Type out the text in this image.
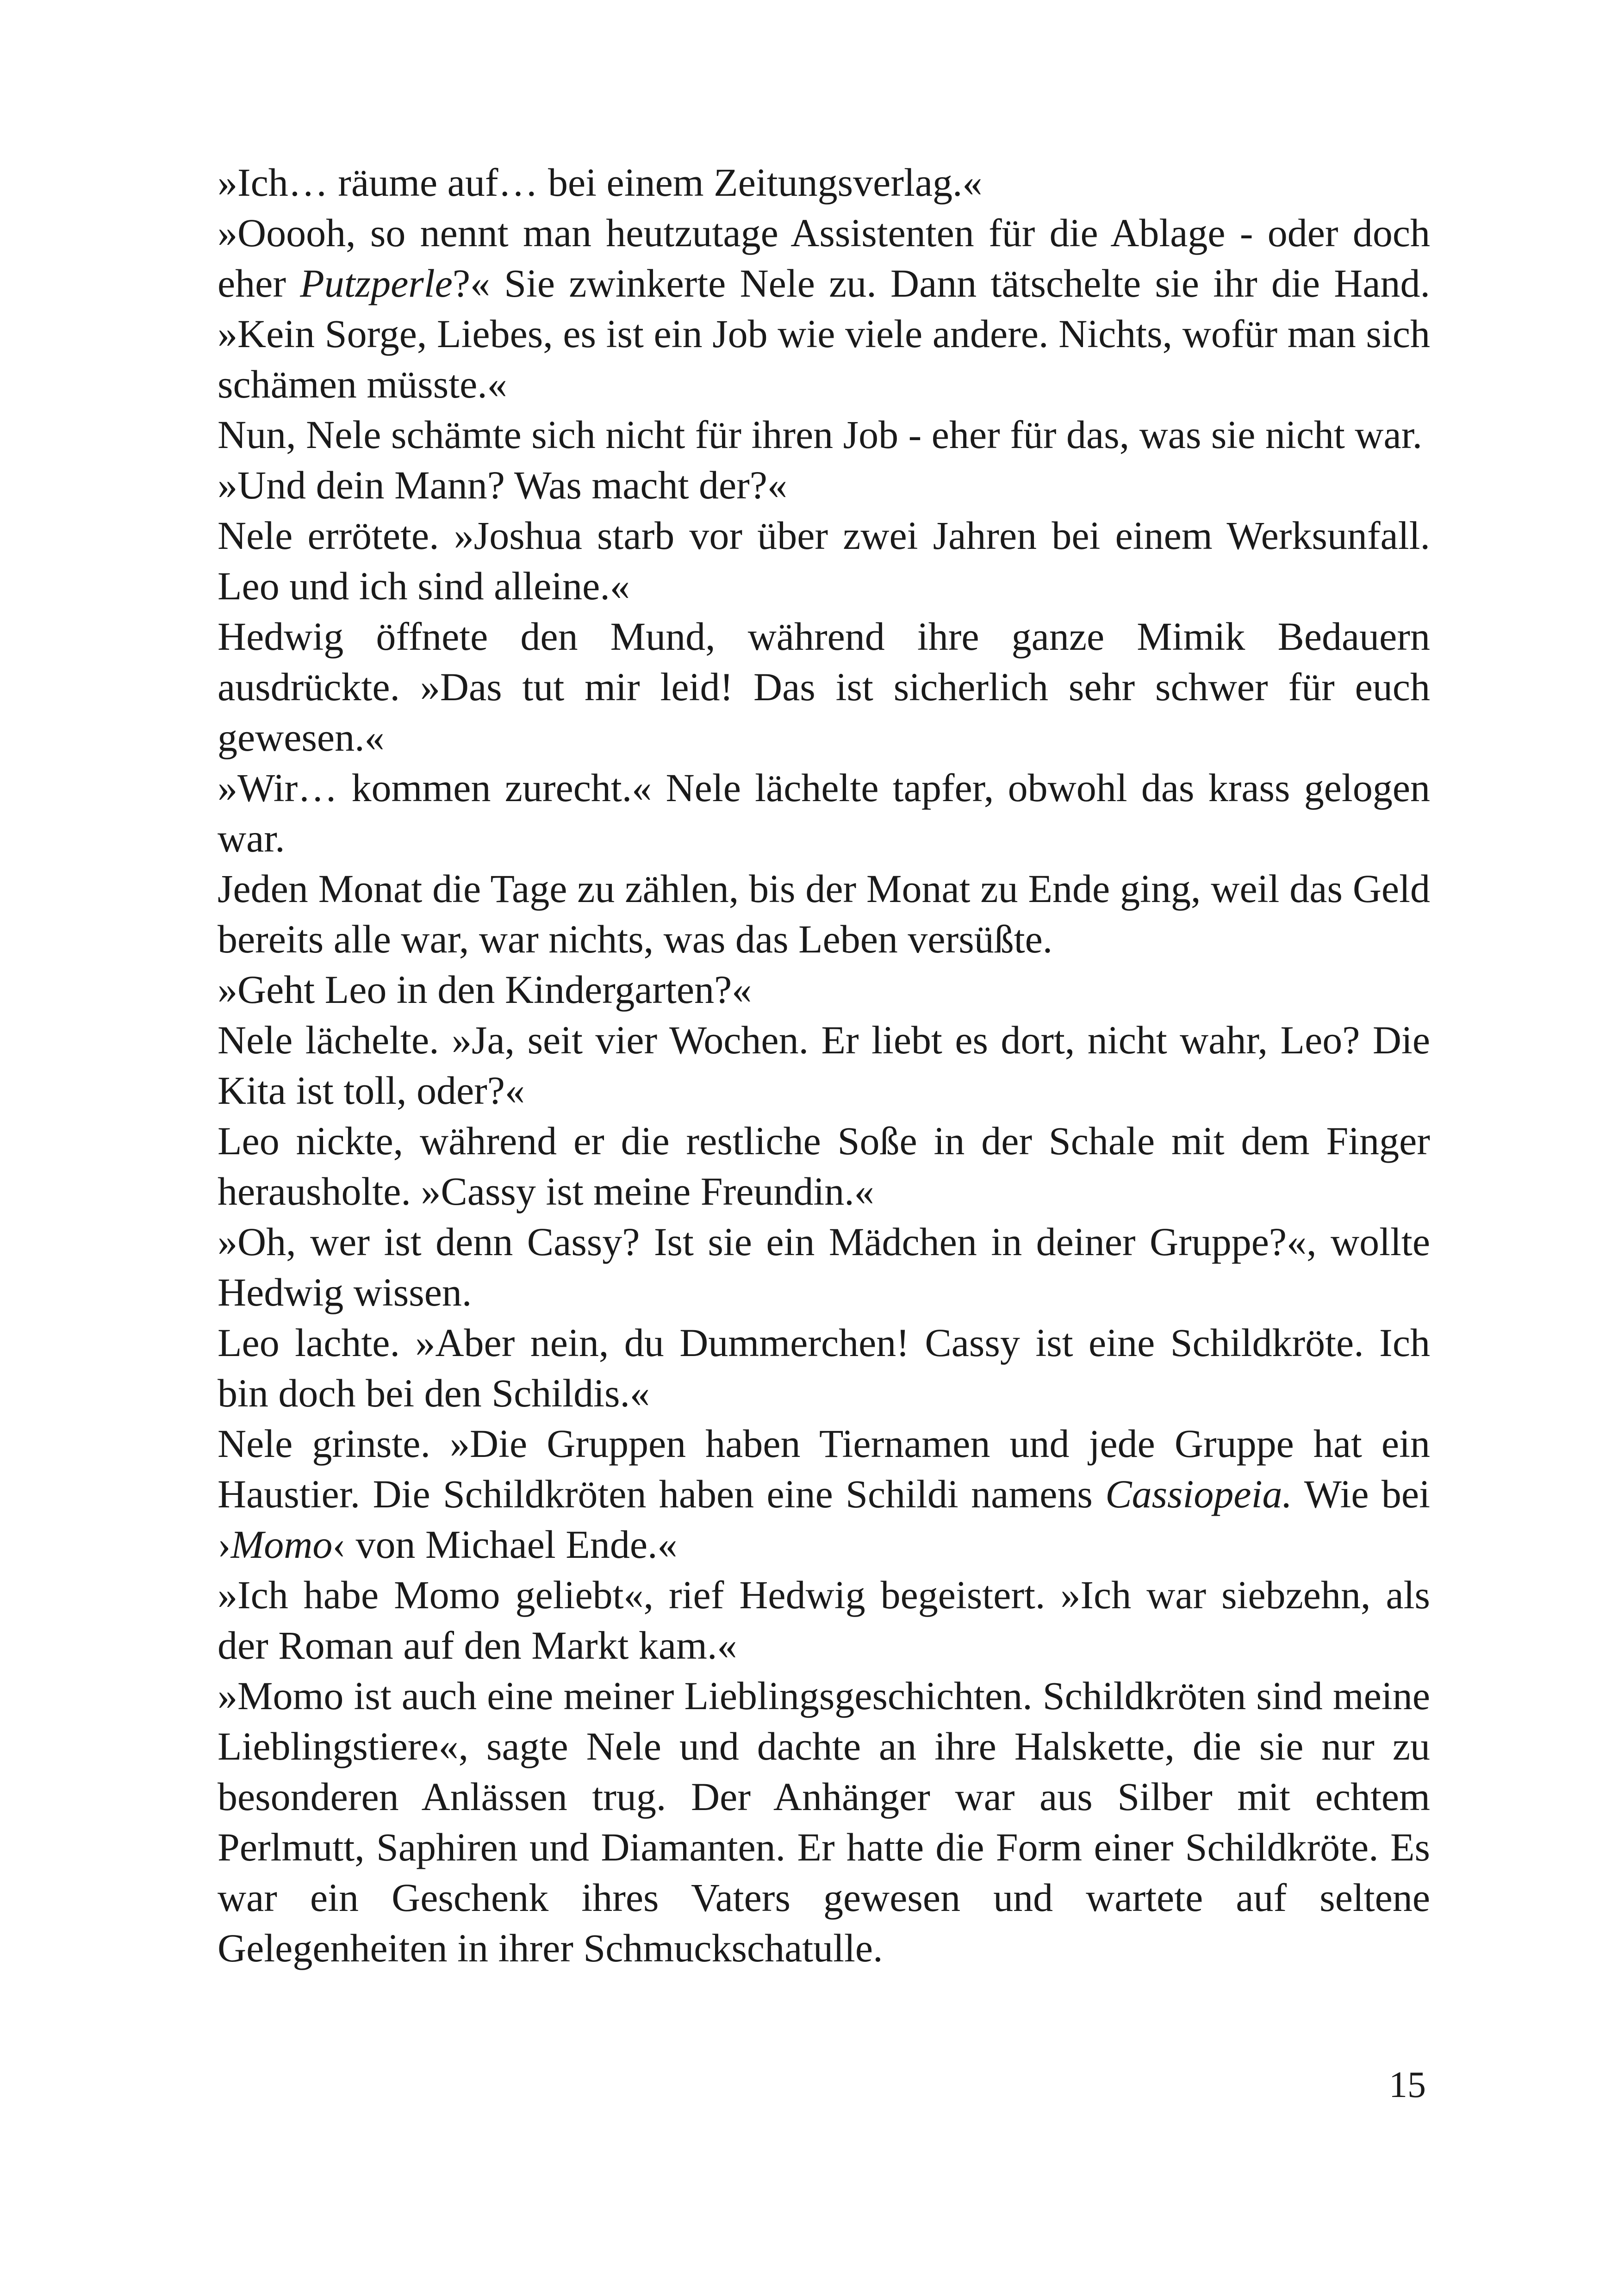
»Ich… räume auf… bei einem Zeitungsverlag.«

»Ooooh, so nennt man heutzutage Assistenten für die Ablage - oder doch eher Putzperle?« Sie zwinkerte Nele zu. Dann tätschelte sie ihr die Hand. »Kein Sorge, Liebes, es ist ein Job wie viele andere. Nichts, wofür man sich schämen müsste.«

Nun, Nele schämte sich nicht für ihren Job - eher für das, was sie nicht war.

»Und dein Mann? Was macht der?«

Nele errötete. »Joshua starb vor über zwei Jahren bei einem Werksunfall. Leo und ich sind alleine.«

Hedwig öffnete den Mund, während ihre ganze Mimik Bedauern ausdrückte. »Das tut mir leid! Das ist sicherlich sehr schwer für euch gewesen.«

»Wir… kommen zurecht.« Nele lächelte tapfer, obwohl das krass gelogen war.

Jeden Monat die Tage zu zählen, bis der Monat zu Ende ging, weil das Geld bereits alle war, war nichts, was das Leben versüßte.

»Geht Leo in den Kindergarten?«

Nele lächelte. »Ja, seit vier Wochen. Er liebt es dort, nicht wahr, Leo? Die Kita ist toll, oder?«

Leo nickte, während er die restliche Soße in der Schale mit dem Finger herausholte. »Cassy ist meine Freundin.«

»Oh, wer ist denn Cassy? Ist sie ein Mädchen in deiner Gruppe?«, wollte Hedwig wissen.

Leo lachte. »Aber nein, du Dummerchen! Cassy ist eine Schildkröte. Ich bin doch bei den Schildis.«

Nele grinste. »Die Gruppen haben Tiernamen und jede Gruppe hat ein Haustier. Die Schildkröten haben eine Schildi namens Cassiopeia. Wie bei ›Momo‹ von Michael Ende.«

»Ich habe Momo geliebt«, rief Hedwig begeistert. »Ich war siebzehn, als der Roman auf den Markt kam.«

»Momo ist auch eine meiner Lieblingsgeschichten. Schildkröten sind meine Lieblingstiere«, sagte Nele und dachte an ihre Halskette, die sie nur zu besonderen Anlässen trug. Der Anhänger war aus Silber mit echtem Perlmutt, Saphiren und Diamanten. Er hatte die Form einer Schildkröte. Es war ein Geschenk ihres Vaters gewesen und wartete auf seltene Gelegenheiten in ihrer Schmuckschatulle.

15
